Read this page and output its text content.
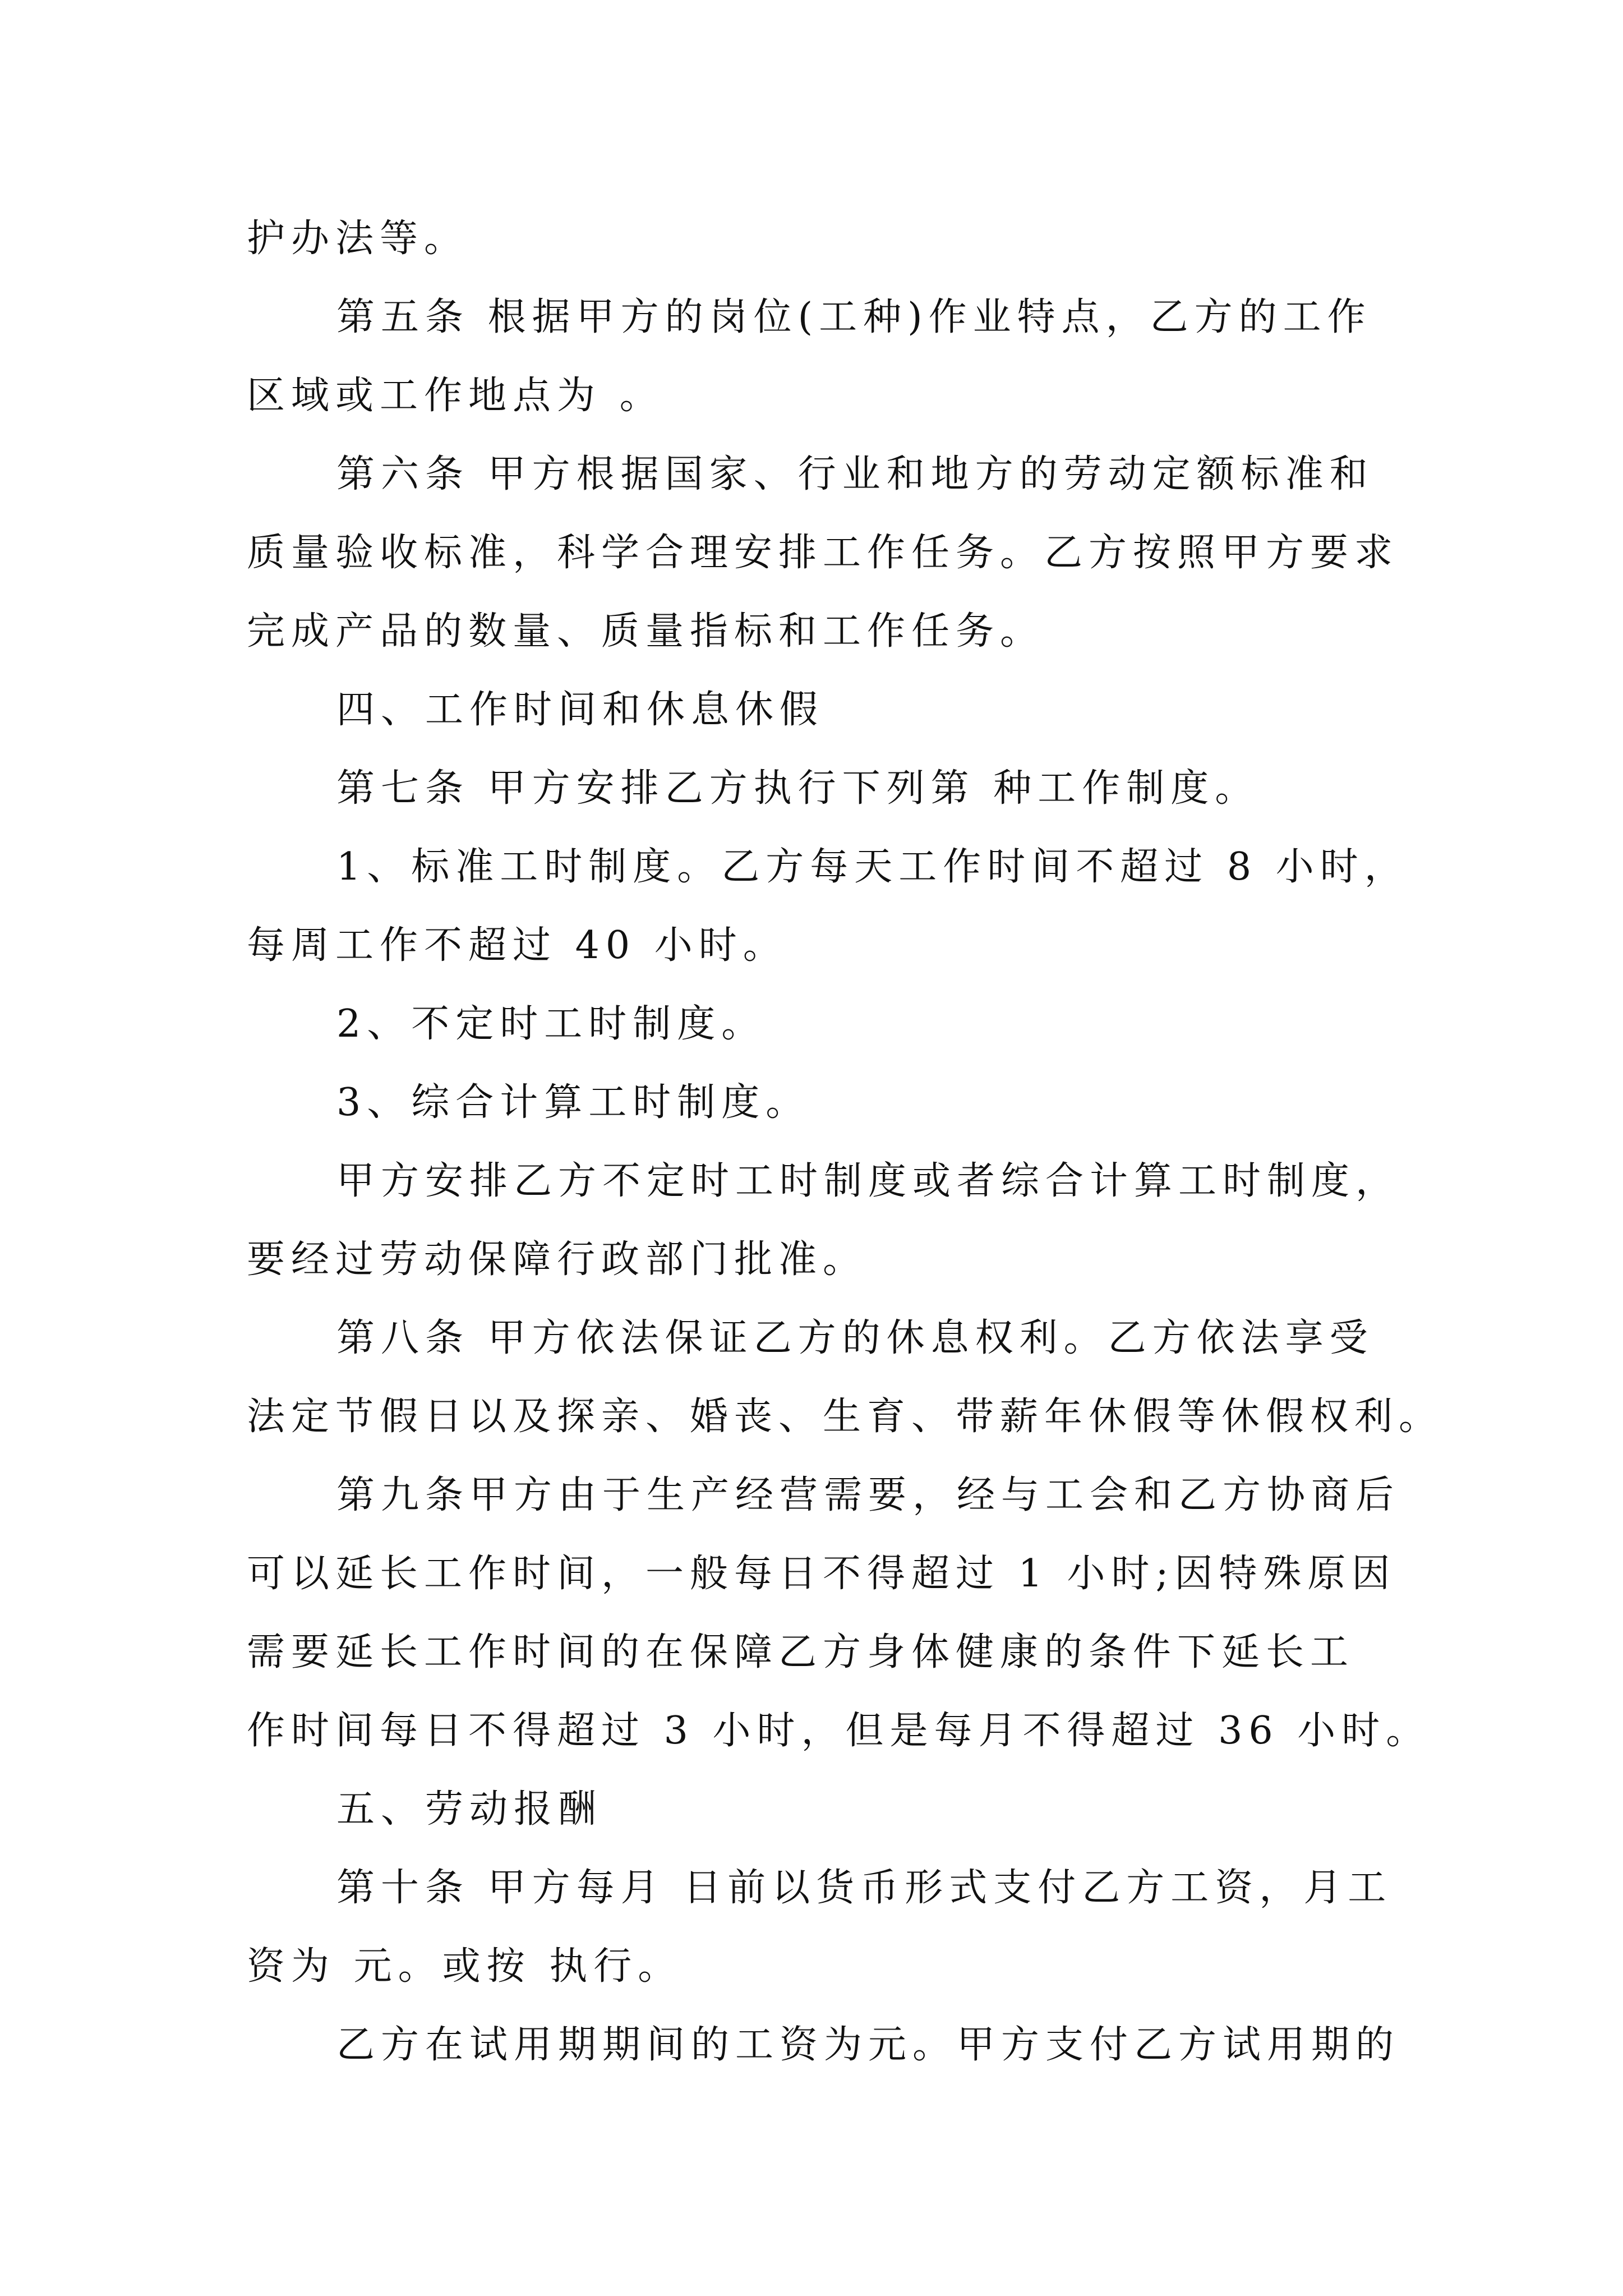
护办法等。
第五条 根据甲方的岗位(工种)作业特点，乙方的工作
区域或工作地点为 。
第六条 甲方根据国家、行业和地方的劳动定额标准和
质量验收标准，科学合理安排工作任务。乙方按照甲方要求
完成产品的数量、质量指标和工作任务。
四、工作时间和休息休假
第七条 甲方安排乙方执行下列第 种工作制度。
1、标准工时制度。乙方每天工作时间不超过 8 小时，
每周工作不超过 40 小时。
2、不定时工时制度。
3、综合计算工时制度。
甲方安排乙方不定时工时制度或者综合计算工时制度，
要经过劳动保障行政部门批准。
第八条 甲方依法保证乙方的休息权利。乙方依法享受
法定节假日以及探亲、婚丧、生育、带薪年休假等休假权利。
第九条甲方由于生产经营需要，经与工会和乙方协商后
可以延长工作时间，一般每日不得超过 1 小时;因特殊原因
需要延长工作时间的在保障乙方身体健康的条件下延长工
作时间每日不得超过 3 小时，但是每月不得超过 36 小时。
五、劳动报酬
第十条 甲方每月 日前以货币形式支付乙方工资，月工
资为 元。或按 执行。
乙方在试用期期间的工资为元。甲方支付乙方试用期的
